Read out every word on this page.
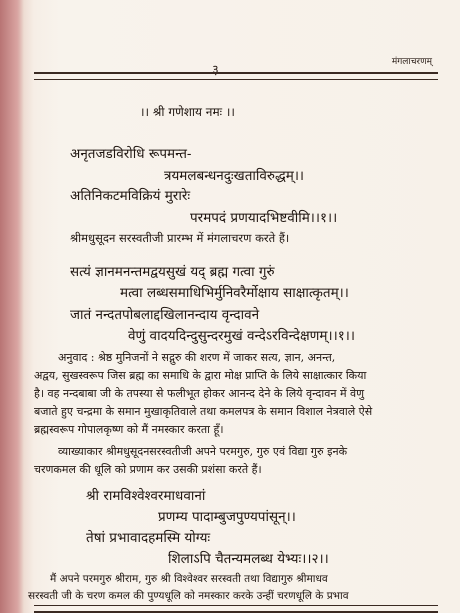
मंगलाचरणम्
३
।। श्री गणेशाय नमः ।।
अनृतजडविरोधि रूपमन्त-
त्रयमलबन्धनदुःखताविरुद्धम्।।
अतिनिकटमविक्रियं मुरारेः
परमपदं प्रणयादभिष्टवीमि।।१।।
श्रीमधुसूदन सरस्वतीजी प्रारम्भ में मंगलाचरण करते हैं।
सत्यं ज्ञानमनन्तमद्वयसुखं यद् ब्रह्म गत्वा गुरुं
मत्वा लब्धसमाधिभिर्मुनिवरैर्मोक्षाय साक्षात्कृतम्।।
जातं नन्दतपोबलाद्दखिलानन्दाय वृन्दावने
वेणुं वादयदिन्दुसुन्दरमुखं वन्देऽरविन्देक्षणम्।।१।।
अनुवाद : श्रेष्ठ मुनिजनों ने सद्गुरु की शरण में जाकर सत्य, ज्ञान, अनन्त,
अद्वय, सुखस्वरूप जिस ब्रह्म का समाधि के द्वारा मोक्ष प्राप्ति के लिये साक्षात्कार किया
है। वह नन्दबाबा जी के तपस्या से फलीभूत होकर आनन्द देने के लिये वृन्दावन में वेणु
बजाते हुए चन्द्रमा के समान मुखाकृतिवाले तथा कमलपत्र के समान विशाल नेत्रवाले ऐसे
ब्रह्मस्वरूप गोपालकृष्ण को मैं नमस्कार करता हूँ।
व्याख्याकार श्रीमधुसूदनसरस्वतीजी अपने परमगुरु, गुरु एवं विद्या गुरु इनके
चरणकमल की धूलि को प्रणाम कर उसकी प्रशंसा करते हैं।
श्री रामविश्वेश्वरमाधवानां
प्रणम्य पादाम्बुजपुण्यपांसून्।।
तेषां प्रभावादहमस्मि योग्यः
शिलाऽपि चैतन्यमलब्ध येभ्यः।।२।।
मैं अपने परमगुरु श्रीराम, गुरु श्री विश्वेश्वर सरस्वती तथा विद्यागुरु श्रीमाधव
सरस्वती जी के चरण कमल की पुण्यधूलि को नमस्कार करके उन्हीं चरणधूलि के प्रभाव
